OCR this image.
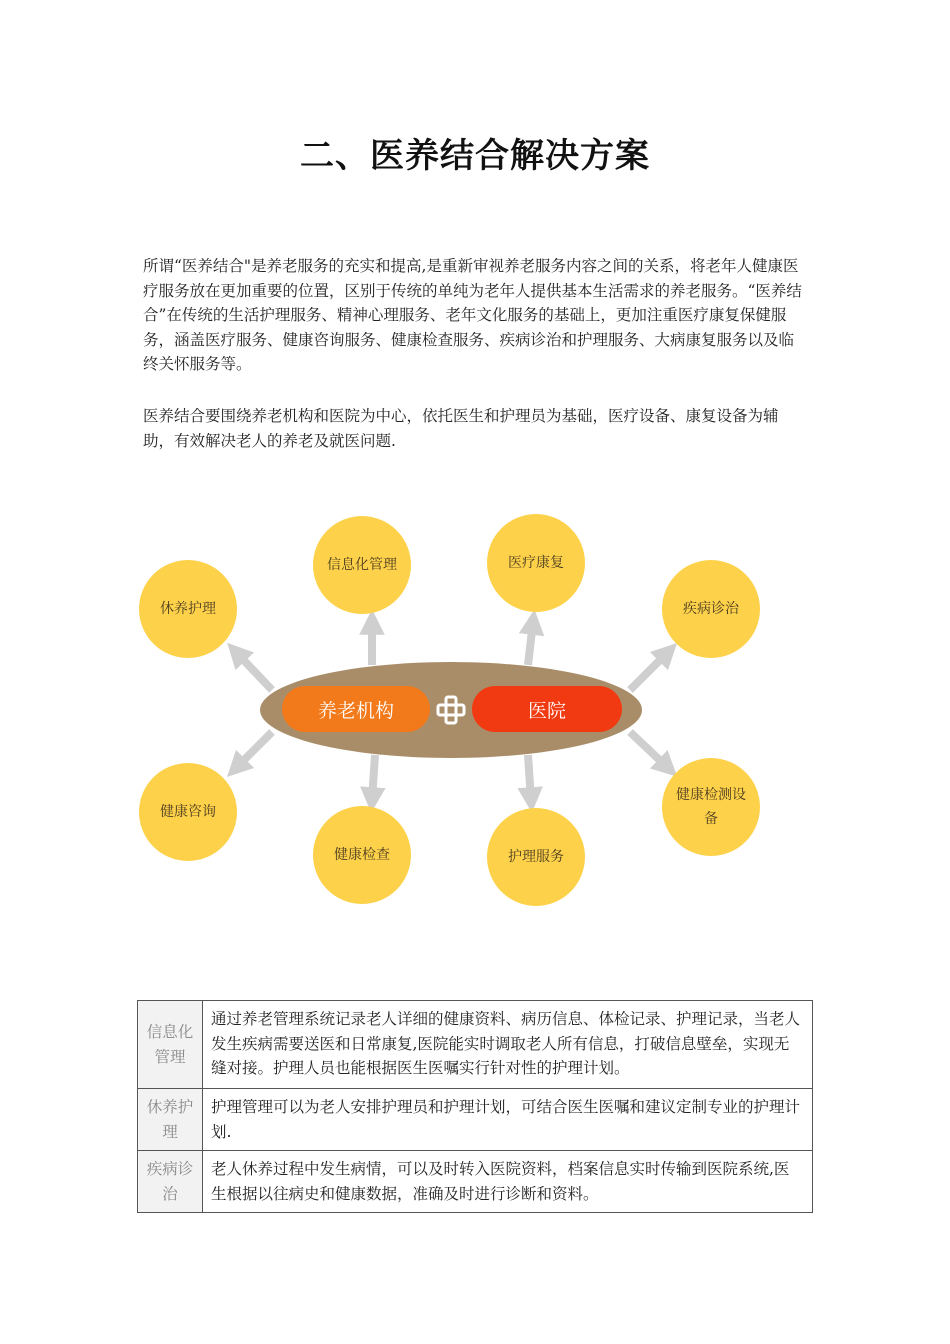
二、医养结合解决方案

所谓“医养结合"是养老服务的充实和提高,是重新审视养老服务内容之间的关系，将老年人健康医疗服务放在更加重要的位置，区别于传统的单纯为老年人提供基本生活需求的养老服务。“医养结合”在传统的生活护理服务、精神心理服务、老年文化服务的基础上，更加注重医疗康复保健服务，涵盖医疗服务、健康咨询服务、健康检查服务、疾病诊治和护理服务、大病康复服务以及临终关怀服务等。

医养结合要围绕养老机构和医院为中心，依托医生和护理员为基础，医疗设备、康复设备为辅助，有效解决老人的养老及就医问题.

养老机构	医院
信息化管理	医疗康复
休养护理	疾病诊治
健康咨询
健康检查	护理服务
健康检测设备
信息化管理	通过养老管理系统记录老人详细的健康资料、病历信息、体检记录、护理记录，当老人发生疾病需要送医和日常康复,医院能实时调取老人所有信息，打破信息壁垒，实现无缝对接。护理人员也能根据医生医嘱实行针对性的护理计划。
休养护理	护理管理可以为老人安排护理员和护理计划，可结合医生医嘱和建议定制专业的护理计划.
疾病诊治	老人休养过程中发生病情，可以及时转入医院资料，档案信息实时传输到医院系统,医生根据以往病史和健康数据，准确及时进行诊断和资料。
